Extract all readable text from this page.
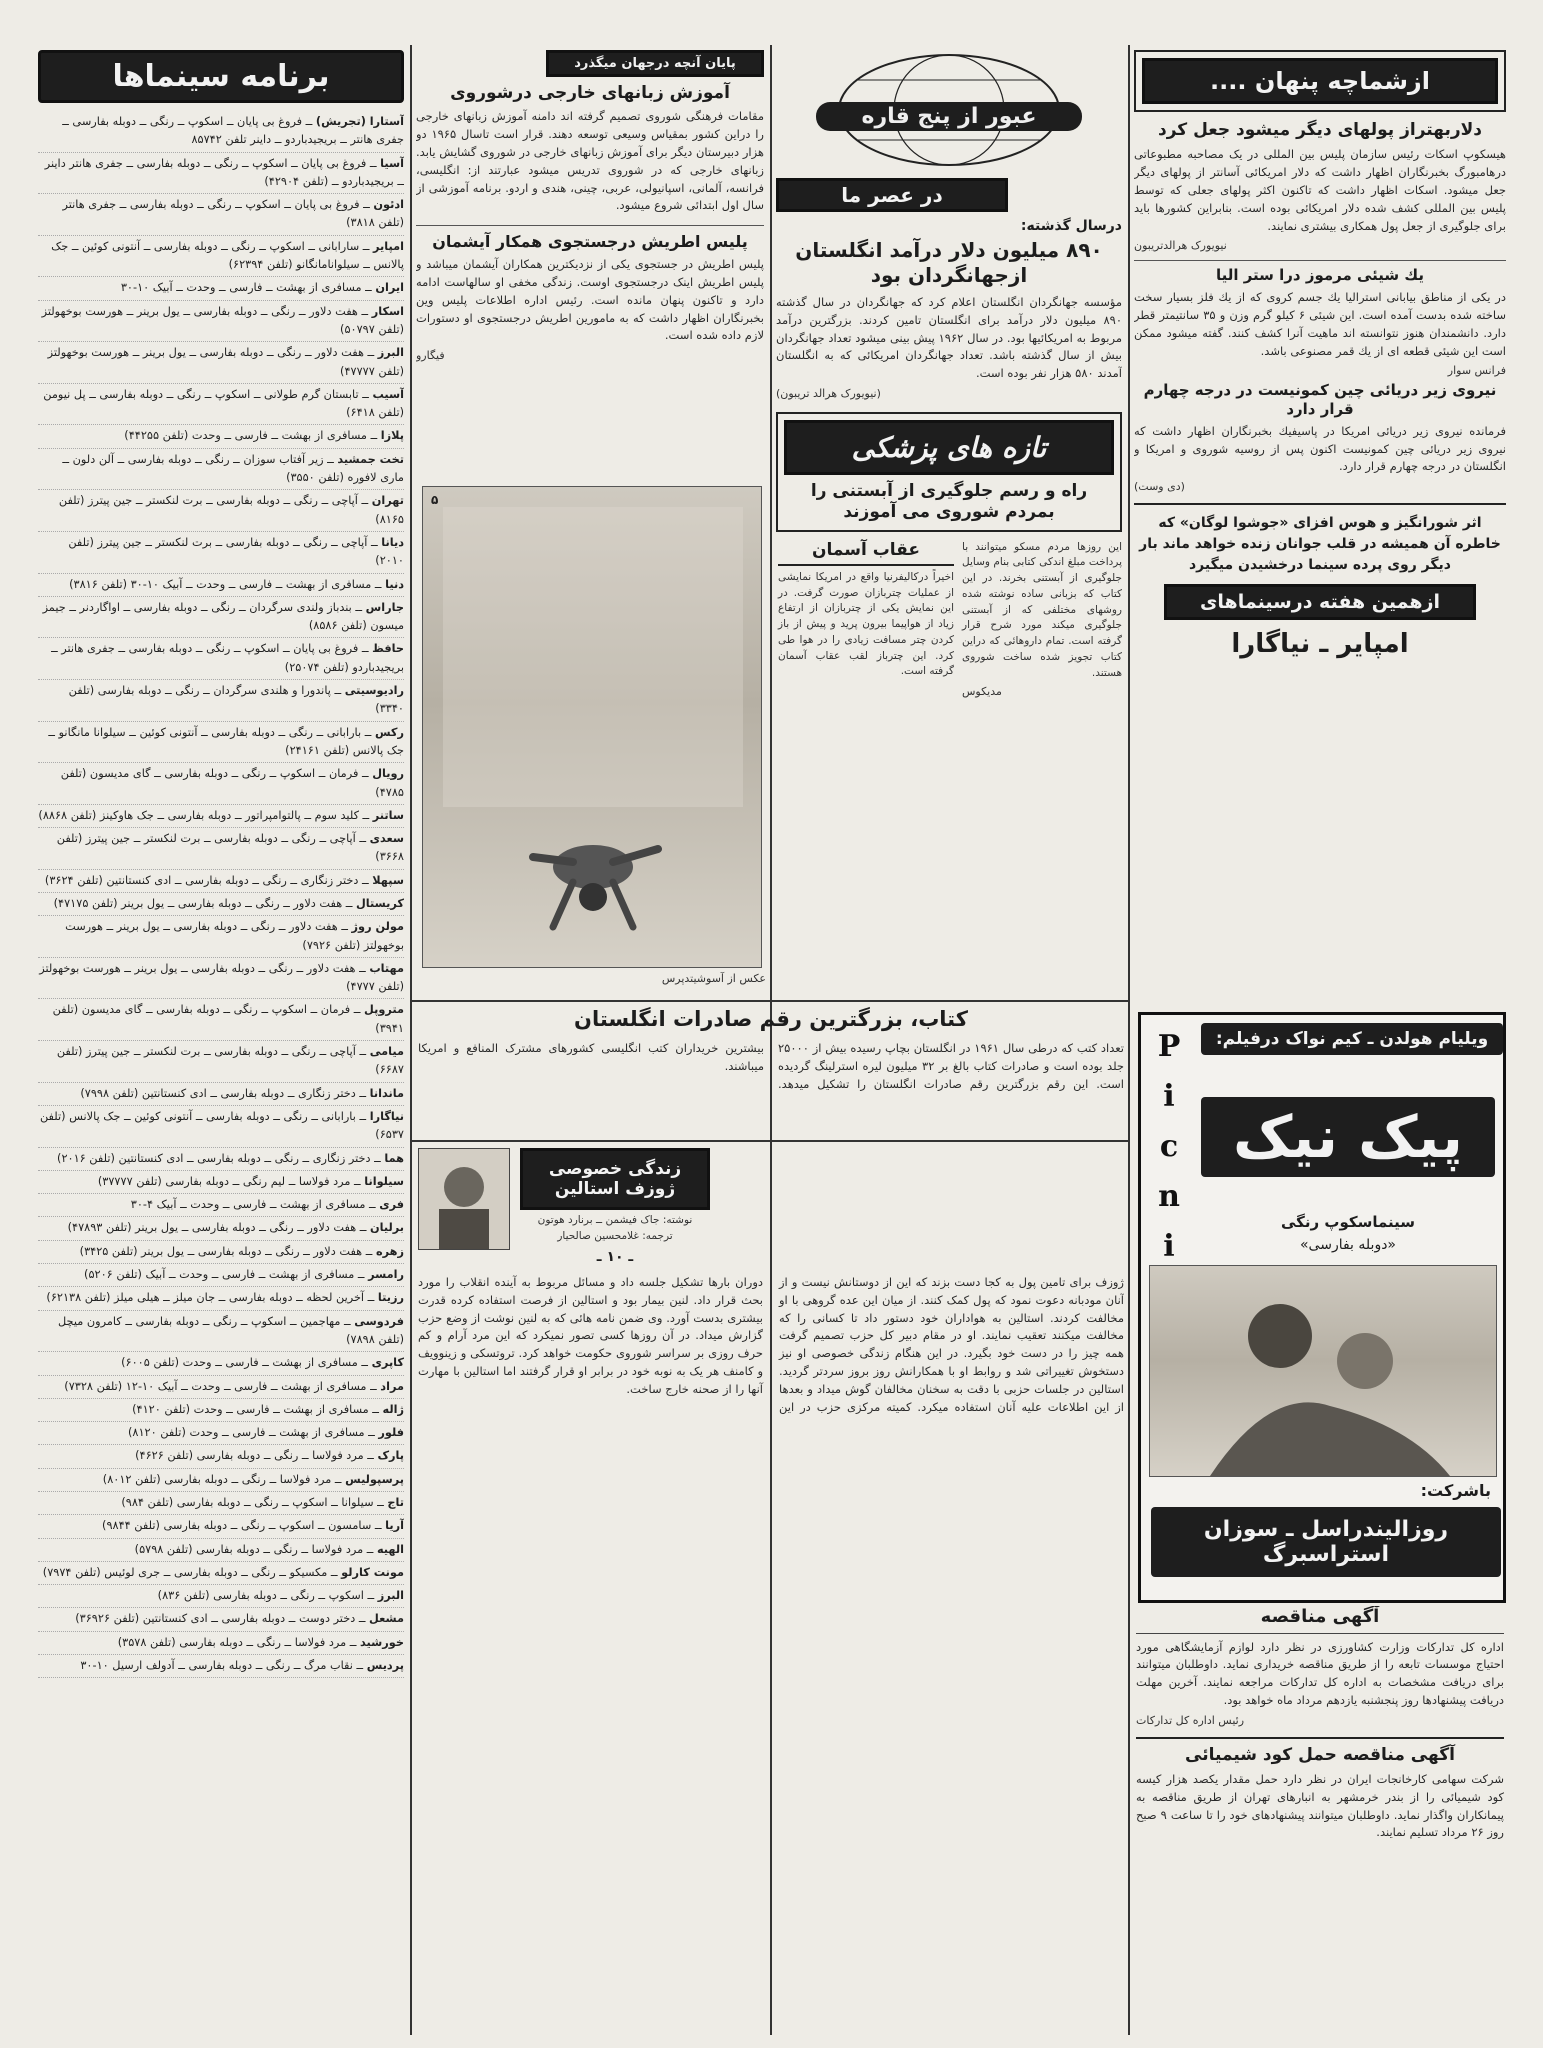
برنامه سینماها
آستارا (تجریش) ــ فروغ بی پایان ــ اسکوپ ــ رنگی ــ دوبله بفارسی ــ جفری هانتر ــ بریجیدباردو ــ داینر تلفن ۸۵۷۴۲
آسیا ــ فروغ بی پایان ــ اسکوپ ــ رنگی ــ دوبله بفارسی ــ جفری هانتر داینر ــ بریجیدباردو ــ (تلفن ۴۲۹۰۴)
ادئون ــ فروغ بی پایان ــ اسکوپ ــ رنگی ــ دوبله بفارسی ــ جفری هانتر (تلفن ۳۸۱۸)
امپایر ــ سارابانی ــ اسکوپ ــ رنگی ــ دوبله بفارسی ــ آنتونی کوئین ــ جک پالانس ــ سیلوانامانگانو (تلفن ۶۲۳۹۴)
ایران ــ مسافری از بهشت ــ فارسی ــ وحدت ــ آبیک ۱۰-۳۰
اسکار ــ هفت دلاور ــ رنگی ــ دوبله بفارسی ــ یول برینر ــ هورست بوخهولتز (تلفن ۵۰۷۹۷)
البرز ــ هفت دلاور ــ رنگی ــ دوبله بفارسی ــ یول برینر ــ هورست بوخهولتز (تلفن ۴۷۷۷۷)
آسیب ــ تابستان گرم طولانی ــ اسکوپ ــ رنگی ــ دوبله بفارسی ــ پل نیومن (تلفن ۶۴۱۸)
پلازا ــ مسافری از بهشت ــ فارسی ــ وحدت (تلفن ۴۴۲۵۵)
تخت جمشید ــ زیر آفتاب سوزان ــ رنگی ــ دوبله بفارسی ــ آلن دلون ــ ماری لافوره (تلفن ۳۵۵۰)
تهران ــ آپاچی ــ رنگی ــ دوبله بفارسی ــ برت لنکستر ــ جین پیترز (تلفن ۸۱۶۵)
دیانا ــ آپاچی ــ رنگی ــ دوبله بفارسی ــ برت لنکستر ــ جین پیترز (تلفن ۲۰۱۰)
دنیا ــ مسافری از بهشت ــ فارسی ــ وحدت ــ آبیک ۱۰-۳۰ (تلفن ۳۸۱۶)
جاراس ــ بندباز ولندی سرگردان ــ رنگی ــ دوبله بفارسی ــ اواگاردنر ــ جیمز میسون (تلفن ۸۵۸۶)
حافظ ــ فروغ بی پایان ــ اسکوپ ــ رنگی ــ دوبله بفارسی ــ جفری هانتر ــ بریجیدباردو (تلفن ۲۵۰۷۴)
رادیوسیتی ــ پاندورا و هلندی سرگردان ــ رنگی ــ دوبله بفارسی (تلفن ۳۳۴۰)
رکس ــ بارابانی ــ رنگی ــ دوبله بفارسی ــ آنتونی کوئین ــ سیلوانا مانگانو ــ جک پالانس (تلفن ۲۴۱۶۱)
رویال ــ فرمان ــ اسکوپ ــ رنگی ــ دوبله بفارسی ــ گای مدیسون (تلفن ۴۷۸۵)
ساتنر ــ کلید سوم ــ پالتوامپراتور ــ دوبله بفارسی ــ جک هاوکینز (تلفن ۸۸۶۸)
سعدی ــ آپاچی ــ رنگی ــ دوبله بفارسی ــ برت لنکستر ــ جین پیترز (تلفن ۳۶۶۸)
سپهلا ــ دختر زنگاری ــ رنگی ــ دوبله بفارسی ــ ادی کنستانتین (تلفن ۳۶۲۴)
کریستال ــ هفت دلاور ــ رنگی ــ دوبله بفارسی ــ یول برینر (تلفن ۴۷۱۷۵)
مولن روژ ــ هفت دلاور ــ رنگی ــ دوبله بفارسی ــ یول برینر ــ هورست بوخهولتز (تلفن ۷۹۲۶)
مهتاب ــ هفت دلاور ــ رنگی ــ دوبله بفارسی ــ یول برینر ــ هورست بوخهولتز (تلفن ۴۷۷۷)
متروپل ــ فرمان ــ اسکوپ ــ رنگی ــ دوبله بفارسی ــ گای مدیسون (تلفن ۳۹۴۱)
میامی ــ آپاچی ــ رنگی ــ دوبله بفارسی ــ برت لنکستر ــ جین پیترز (تلفن ۶۶۸۷)
ماندانا ــ دختر زنگاری ــ دوبله بفارسی ــ ادی کنستانتین (تلفن ۷۹۹۸)
نیاگارا ــ بارابانی ــ رنگی ــ دوبله بفارسی ــ آنتونی کوئین ــ جک پالانس (تلفن ۶۵۳۷)
هما ــ دختر زنگاری ــ رنگی ــ دوبله بفارسی ــ ادی کنستانتین (تلفن ۲۰۱۶)
سیلوانا ــ مرد فولاسا ــ لیم رنگی ــ دوبله بفارسی (تلفن ۳۷۷۷۷)
فری ــ مسافری از بهشت ــ فارسی ــ وحدت ــ آبیک ۴-۳۰
برلیان ــ هفت دلاور ــ رنگی ــ دوبله بفارسی ــ یول برینر (تلفن ۴۷۸۹۳)
زهره ــ هفت دلاور ــ رنگی ــ دوبله بفارسی ــ یول برینر (تلفن ۳۴۲۵)
رامسر ــ مسافری از بهشت ــ فارسی ــ وحدت ــ آبیک (تلفن ۵۲۰۶)
رزیتا ــ آخرین لحظه ــ دوبله بفارسی ــ جان میلز ــ هیلی میلز (تلفن ۶۲۱۳۸)
فردوسی ــ مهاجمین ــ اسکوپ ــ رنگی ــ دوبله بفارسی ــ کامرون میچل (تلفن ۷۸۹۸)
کاپری ــ مسافری از بهشت ــ فارسی ــ وحدت (تلفن ۶۰۰۵)
مراد ــ مسافری از بهشت ــ فارسی ــ وحدت ــ آبیک ۱۰-۱۲ (تلفن ۷۳۲۸)
ژاله ــ مسافری از بهشت ــ فارسی ــ وحدت (تلفن ۴۱۲۰)
فلور ــ مسافری از بهشت ــ فارسی ــ وحدت (تلفن ۸۱۲۰)
پارک ــ مرد فولاسا ــ رنگی ــ دوبله بفارسی (تلفن ۴۶۲۶)
پرسپولیس ــ مرد فولاسا ــ رنگی ــ دوبله بفارسی (تلفن ۸۰۱۲)
تاج ــ سیلوانا ــ اسکوپ ــ رنگی ــ دوبله بفارسی (تلفن ۹۸۴)
آریا ــ سامسون ــ اسکوپ ــ رنگی ــ دوبله بفارسی (تلفن ۹۸۴۴)
الهیه ــ مرد فولاسا ــ رنگی ــ دوبله بفارسی (تلفن ۵۷۹۸)
مونت کارلو ــ مکسیکو ــ رنگی ــ دوبله بفارسی ــ جری لوئیس (تلفن ۷۹۷۴)
البرز ــ اسکوپ ــ رنگی ــ دوبله بفارسی (تلفن ۸۳۶)
مشعل ــ دختر دوست ــ دوبله بفارسی ــ ادی کنستانتین (تلفن ۳۶۹۲۶)
خورشید ــ مرد فولاسا ــ رنگی ــ دوبله بفارسی (تلفن ۳۵۷۸)
پردیس ــ نقاب مرگ ــ رنگی ــ دوبله بفارسی ــ آدولف ارسیل ۱۰-۳۰
پایان آنچه درجهان میگذرد
آموزش زبانهای خارجی درشوروی
مقامات فرهنگی شوروی تصمیم گرفته اند دامنه آموزش زبانهای خارجی را دراین کشور بمقیاس وسیعی توسعه دهند. قرار است تاسال ۱۹۶۵ دو هزار دبیرستان دیگر برای آموزش زبانهای خارجی در شوروی گشایش یابد. زبانهای خارجی که در شوروی تدریس میشود عبارتند از: انگلیسی، فرانسه، آلمانی، اسپانیولی، عربی، چینی، هندی و اردو. برنامه آموزشی از سال اول ابتدائی شروع میشود.
پلیس اطریش درجستجوی همکار آیشمان
پلیس اطریش در جستجوی یکی از نزدیکترین همکاران آیشمان میباشد و پلیس اطریش اینک درجستجوی اوست. زندگی مخفی او سالهاست ادامه دارد و تاکنون پنهان مانده است. رئیس اداره اطلاعات پلیس وین بخبرنگاران اظهار داشت که به مامورین اطریش درجستجوی او دستورات لازم داده شده است.
فیگارو
۵
عکس از آسوشیتدپرس
عبور از پنج قاره
در عصر ما
درسال گذشته:
۸۹۰ میلیون دلار درآمد انگلستان ازجهانگردان بود
مؤسسه جهانگردان انگلستان اعلام کرد که جهانگردان در سال گذشته ۸۹۰ میلیون دلار درآمد برای انگلستان تامین کردند. بزرگترین درآمد مربوط به امریکائیها بود. در سال ۱۹۶۲ پیش بینی میشود تعداد جهانگردان بیش از سال گذشته باشد. تعداد جهانگردان امریکائی که به انگلستان آمدند ۵۸۰ هزار نفر بوده است.
(نیویورک هرالد تریبون)
تازه های پزشکی
راه و رسم جلوگیری از آبستنی را بمردم شوروی می آموزند
این روزها مردم مسکو میتوانند با پرداخت مبلغ اندکی کتابی بنام وسایل جلوگیری از آبستنی بخرند. در این کتاب که بزبانی ساده نوشته شده روشهای مختلفی که از آبستنی جلوگیری میکند مورد شرح قرار گرفته است. تمام داروهائی که دراین کتاب تجویز شده ساخت شوروی هستند.
مدیکوس
عقاب آسمان
اخیراً درکالیفرنیا واقع در امریکا نمایشی از عملیات چتربازان صورت گرفت. در این نمایش یکی از چتربازان از ارتفاع زیاد از هواپیما بیرون پرید و پیش از باز کردن چتر مسافت زیادی را در هوا طی کرد. این چترباز لقب عقاب آسمان گرفته است.
کتاب، بزرگترین رقم صادرات انگلستان
تعداد کتب که درطی سال ۱۹۶۱ در انگلستان بچاپ رسیده بیش از ۲۵۰۰۰ جلد بوده است و صادرات کتاب بالغ بر ۳۲ میلیون لیره استرلینگ گردیده است. این رقم بزرگترین رقم صادرات انگلستان را تشکیل میدهد. بیشترین خریداران کتب انگلیسی کشورهای مشترک المنافع و امریکا میباشند.
زندگی خصوصی ژوزف استالین
نوشته: جاک فیشمن ــ برنارد هوتون
ترجمه: غلامحسین صالحیار
ـ ۱۰ ـ
ژوزف برای تامین پول به کجا دست بزند که این از دوستانش نیست و از آنان مودبانه دعوت نمود که پول کمک کنند. از میان این عده گروهی با او مخالفت کردند. استالین به هواداران خود دستور داد تا کسانی را که مخالفت میکنند تعقیب نمایند. او در مقام دبیر کل حزب تصمیم گرفت همه چیز را در دست خود بگیرد. در این هنگام زندگی خصوصی او نیز دستخوش تغییراتی شد و روابط او با همکارانش روز بروز سردتر گردید. استالین در جلسات حزبی با دقت به سخنان مخالفان گوش میداد و بعدها از این اطلاعات علیه آنان استفاده میکرد. کمیته مرکزی حزب در این دوران بارها تشکیل جلسه داد و مسائل مربوط به آینده انقلاب را مورد بحث قرار داد. لنین بیمار بود و استالین از فرصت استفاده کرده قدرت بیشتری بدست آورد. وی ضمن نامه هائی که به لنین نوشت از وضع حزب گزارش میداد. در آن روزها کسی تصور نمیکرد که این مرد آرام و کم حرف روزی بر سراسر شوروی حکومت خواهد کرد. تروتسکی و زینوویف و کامنف هر یک به نوبه خود در برابر او قرار گرفتند اما استالین با مهارت آنها را از صحنه خارج ساخت.
ازشماچه پنهان ....
دلاربهتراز پولهای دیگر میشود جعل کرد
هیسکوپ اسکات رئیس سازمان پلیس بین المللی در یک مصاحبه مطبوعاتی درهامبورگ بخبرنگاران اظهار داشت که دلار امریکائی آسانتر از پولهای دیگر جعل میشود. اسکات اظهار داشت که تاکنون اکثر پولهای جعلی که توسط پلیس بین المللی کشف شده دلار امریکائی بوده است. بنابراین کشورها باید برای جلوگیری از جعل پول همکاری بیشتری نمایند.
نیویورک هرالدتریبون
یك شیئی مرموز درا ستر الیا
در یکی از مناطق بیابانی استرالیا یك جسم کروی که از یك فلز بسیار سخت ساخته شده بدست آمده است. این شیئی ۶ کیلو گرم وزن و ۳۵ سانتیمتر قطر دارد. دانشمندان هنوز نتوانسته اند ماهیت آنرا کشف کنند. گفته میشود ممکن است این شیئی قطعه ای از یك قمر مصنوعی باشد.
فرانس سوار
نیروی زیر دریائی چین کمونیست در درجه چهارم قرار دارد
فرمانده نیروی زیر دریائی امریکا در پاسیفیك بخبرنگاران اظهار داشت که نیروی زیر دریائی چین کمونیست اکنون پس از روسیه شوروی و امریکا و انگلستان در درجه چهارم قرار دارد.
(دی وست)
اثر شورانگیز و هوس افزای «جوشوا لوگان» که خاطره آن همیشه در قلب جوانان زنده خواهد ماند بار دیگر روی پرده سینما درخشیدن میگیرد
ازهمین هفته درسینماهای
امپایر ـ نیاگارا
P
i
c
n
i
ویلیام هولدن ـ کیم نواک درفیلم:
پیک نیک
سینماسکوپ رنگی
«دوبله بفارسی»
باشرکت:
روزالیندراسل ـ سوزان استراسبرگ
آگهی مناقصه
اداره کل تدارکات وزارت کشاورزی در نظر دارد لوازم آزمایشگاهی مورد احتیاج موسسات تابعه را از طریق مناقصه خریداری نماید. داوطلبان میتوانند برای دریافت مشخصات به اداره کل تدارکات مراجعه نمایند. آخرین مهلت دریافت پیشنهادها روز پنجشنبه یازدهم مرداد ماه خواهد بود.
رئیس اداره کل تدارکات
آگهی مناقصه حمل کود شیمیائی
شرکت سهامی کارخانجات ایران در نظر دارد حمل مقدار یکصد هزار کیسه کود شیمیائی را از بندر خرمشهر به انبارهای تهران از طریق مناقصه به پیمانکاران واگذار نماید. داوطلبان میتوانند پیشنهادهای خود را تا ساعت ۹ صبح روز ۲۶ مرداد تسلیم نمایند.
